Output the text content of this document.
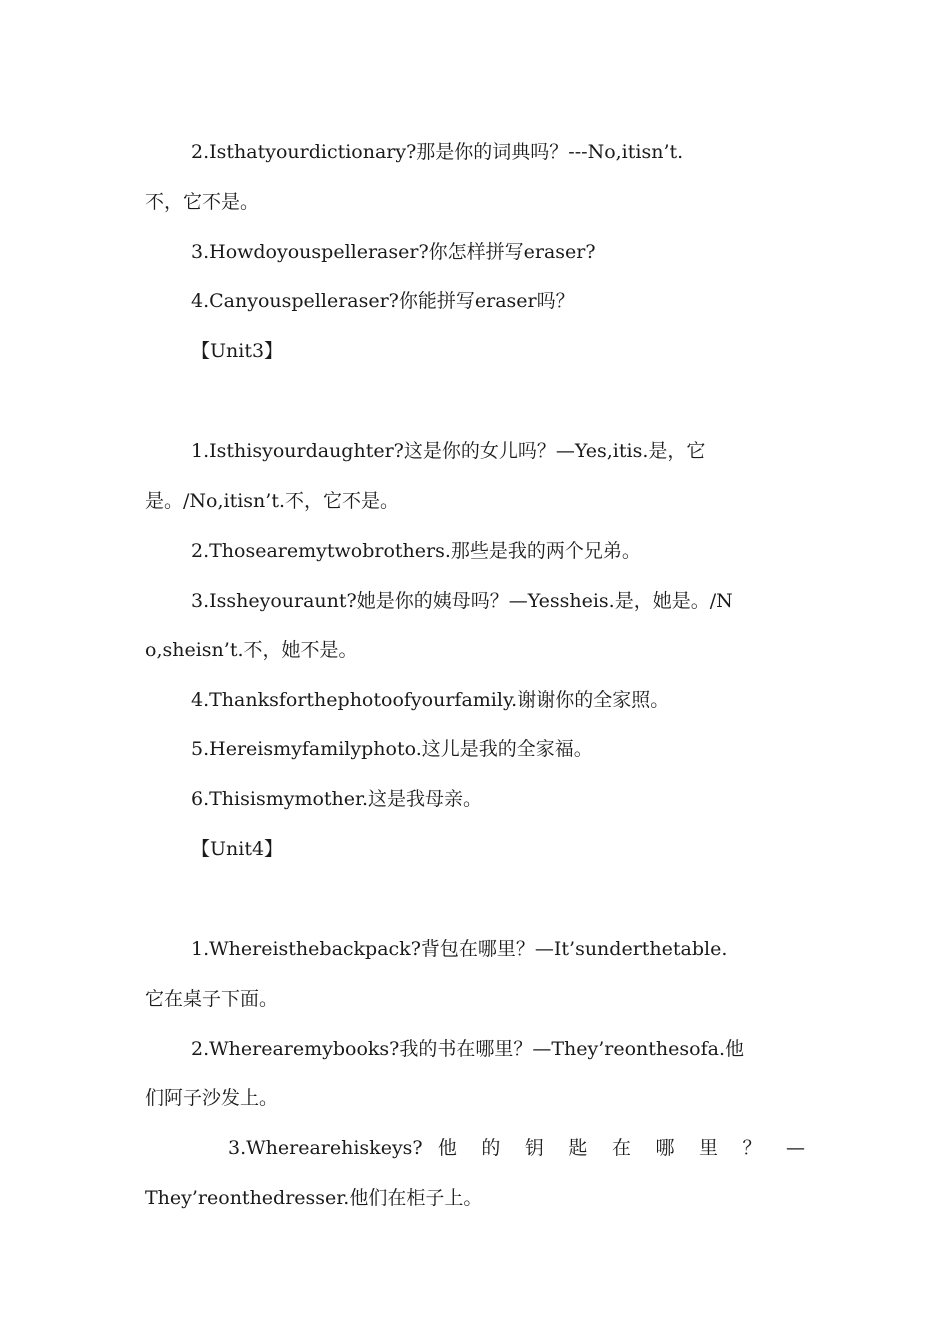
2.Isthatyourdictionary?那是你的词典吗？---No,itisn’t.
不，它不是。
3.Howdoyouspelleraser?你怎样拼写eraser?
4.Canyouspelleraser?你能拼写eraser吗？
【Unit3】
1.Isthisyourdaughter?这是你的女儿吗？—Yes,itis.是，它
是。/No,itisn’t.不，它不是。
2.Thosearemytwobrothers.那些是我的两个兄弟。
3.Issheyouraunt?她是你的姨母吗？—Yessheis.是，她是。/N
o,sheisn’t.不，她不是。
4.Thanksforthephotoofyourfamily.谢谢你的全家照。
5.Hereismyfamilyphoto.这儿是我的全家福。
6.Thisismymother.这是我母亲。
【Unit4】
1.Whereisthebackpack?背包在哪里？—It’sunderthetable.
它在桌子下面。
2.Wherearemybooks?我的书在哪里？—They’reonthesofa.他
们阿子沙发上。
3.Wherearehiskeys? 他 的 钥 匙 在 哪 里 ？ —
They’reonthedresser.他们在柜子上。
